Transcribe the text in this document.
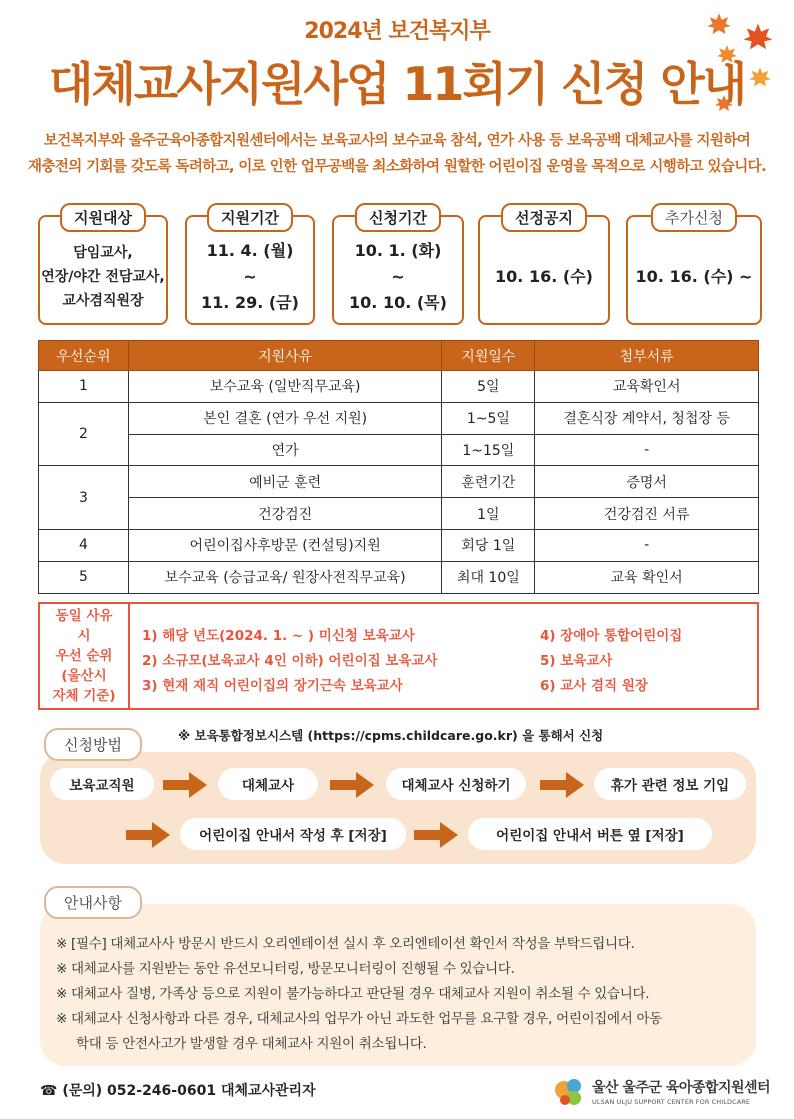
2024년 보건복지부
대체교사지원사업 11회기 신청 안내
보건복지부와 울주군육아종합지원센터에서는 보육교사의 보수교육 참석, 연가 사용 등 보육공백 대체교사를 지원하여
재충전의 기회를 갖도록 독려하고, 이로 인한 업무공백을 최소화하여 원할한 어린이집 운영을 목적으로 시행하고 있습니다.
지원대상
담임교사,
연장/야간 전담교사,
교사겸직원장
지원기간
11. 4. (월)
~
11. 29. (금)
신청기간
10. 1. (화)
~
10. 10. (목)
선정공지
10. 16. (수)
추가신청
10. 16. (수) ~
우선순위	지원사유	지원일수	첨부서류
1	보수교육 (일반직무교육)	5일	교육확인서
2	본인 결혼 (연가 우선 지원)	1~5일	결혼식장 계약서, 청첩장 등
	연가	1~15일	-
3	예비군 훈련	훈련기간	증명서
	건강검진	1일	건강검진 서류
4	어린이집사후방문 (컨설팅)지원	회당 1일	-
5	보수교육 (승급교육/ 원장사전직무교육)	최대 10일	교육 확인서
동일 사유
시
우선 순위
(울산시
자체 기준)
1) 해당 년도(2024. 1. ~ ) 미신청 보육교사
2) 소규모(보육교사 4인 이하) 어린이집 보육교사
3) 현재 재직 어린이집의 장기근속 보육교사
4) 장애아 통합어린이집
5) 보육교사
6) 교사 겸직 원장
신청방법
※ 보육통합정보시스템 (https://cpms.childcare.go.kr) 을 통해서 신청
보육교직원	대체교사	대체교사 신청하기	휴가 관련 정보 기입
어린이집 안내서 작성 후 [저장]	어린이집 안내서 버튼 옆 [저장]
안내사항
※ [필수] 대체교사사 방문시 반드시 오리엔테이션 실시 후 오리엔테이션 확인서 작성을 부탁드립니다.
※ 대체교사를 지원받는 동안 유선모니터링, 방문모니터링이 진행될 수 있습니다.
※ 대체교사 질병, 가족상 등으로 지원이 불가능하다고 판단될 경우 대체교사 지원이 취소될 수 있습니다.
※ 대체교사 신청사항과 다른 경우, 대체교사의 업무가 아닌 과도한 업무를 요구할 경우, 어린이집에서 아동
학대 등 안전사고가 발생할 경우 대체교사 지원이 취소됩니다.
☎ (문의) 052-246-0601 대체교사관리자	울산 울주군 육아종합지원센터
ULSAN ULJU SUPPORT CENTER FOR CHILDCARE
